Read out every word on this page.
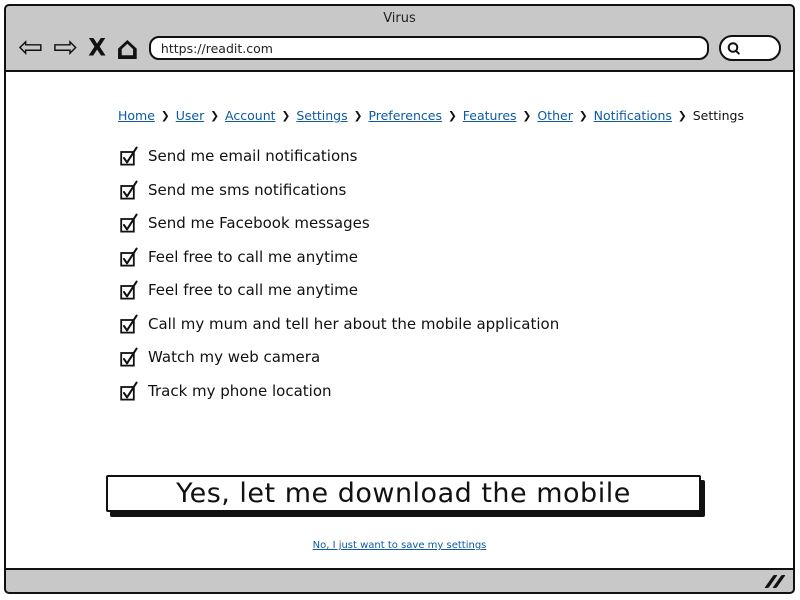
Virus
⇦ ⇨ X ⌂
https://readit.com
Home ❯ User ❯ Account ❯ Settings ❯ Preferences ❯ Features ❯ Other ❯ Notifications ❯ Settings
Send me email notifications
Send me sms notifications
Send me Facebook messages
Feel free to call me anytime
Feel free to call me anytime
Call my mum and tell her about the mobile application
Watch my web camera
Track my phone location
Yes, let me download the mobile
No, I just want to save my settings
